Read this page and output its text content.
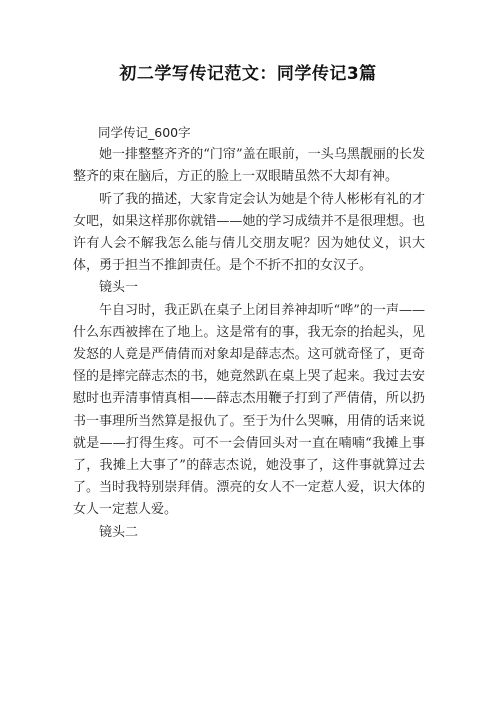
初二学写传记范文：同学传记3篇

同学传记_600字

她一排整整齐齐的“门帘”盖在眼前，一头乌黑靓丽的长发整齐的束在脑后，方正的脸上一双眼睛虽然不大却有神。

听了我的描述，大家肯定会认为她是个待人彬彬有礼的才女吧，如果这样那你就错——她的学习成绩并不是很理想。也许有人会不解我怎么能与倩儿交朋友呢？因为她仗义，识大体，勇于担当不推卸责任。是个不折不扣的女汉子。

镜头一

午自习时，我正趴在桌子上闭目养神却听“哗”的一声——什么东西被摔在了地上。这是常有的事，我无奈的抬起头，见发怒的人竟是严倩倩而对象却是薛志杰。这可就奇怪了，更奇怪的是摔完薛志杰的书，她竟然趴在桌上哭了起来。我过去安慰时也弄清事情真相——薛志杰用鞭子打到了严倩倩，所以扔书一事理所当然算是报仇了。至于为什么哭嘛，用倩的话来说就是——打得生疼。可不一会倩回头对一直在喃喃“我摊上事了，我摊上大事了”的薛志杰说，她没事了，这件事就算过去了。当时我特别崇拜倩。漂亮的女人不一定惹人爱，识大体的女人一定惹人爱。

镜头二
